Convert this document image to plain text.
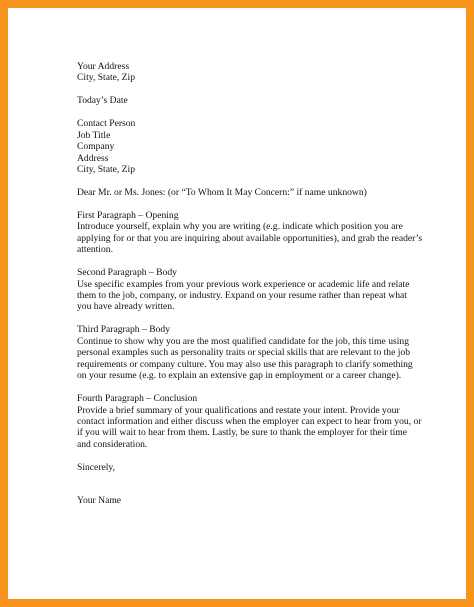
Your Address

City, State, Zip

Today’s Date

Contact Person

Job Title

Company

Address

City, State, Zip

Dear Mr. or Ms. Jones: (or “To Whom It May Concern:” if name unknown)

First Paragraph – Opening

Introduce yourself, explain why you are writing (e.g. indicate which position you are

applying for or that you are inquiring about available opportunities), and grab the reader’s

attention.

Second Paragraph – Body

Use specific examples from your previous work experience or academic life and relate

them to the job, company, or industry. Expand on your resume rather than repeat what

you have already written.

Third Paragraph – Body

Continue to show why you are the most qualified candidate for the job, this time using

personal examples such as personality traits or special skills that are relevant to the job

requirements or company culture. You may also use this paragraph to clarify something

on your resume (e.g. to explain an extensive gap in employment or a career change).

Fourth Paragraph – Conclusion

Provide a brief summary of your qualifications and restate your intent. Provide your

contact information and either discuss when the employer can expect to hear from you, or

if you will wait to hear from them. Lastly, be sure to thank the employer for their time

and consideration.

Sincerely,

Your Name
